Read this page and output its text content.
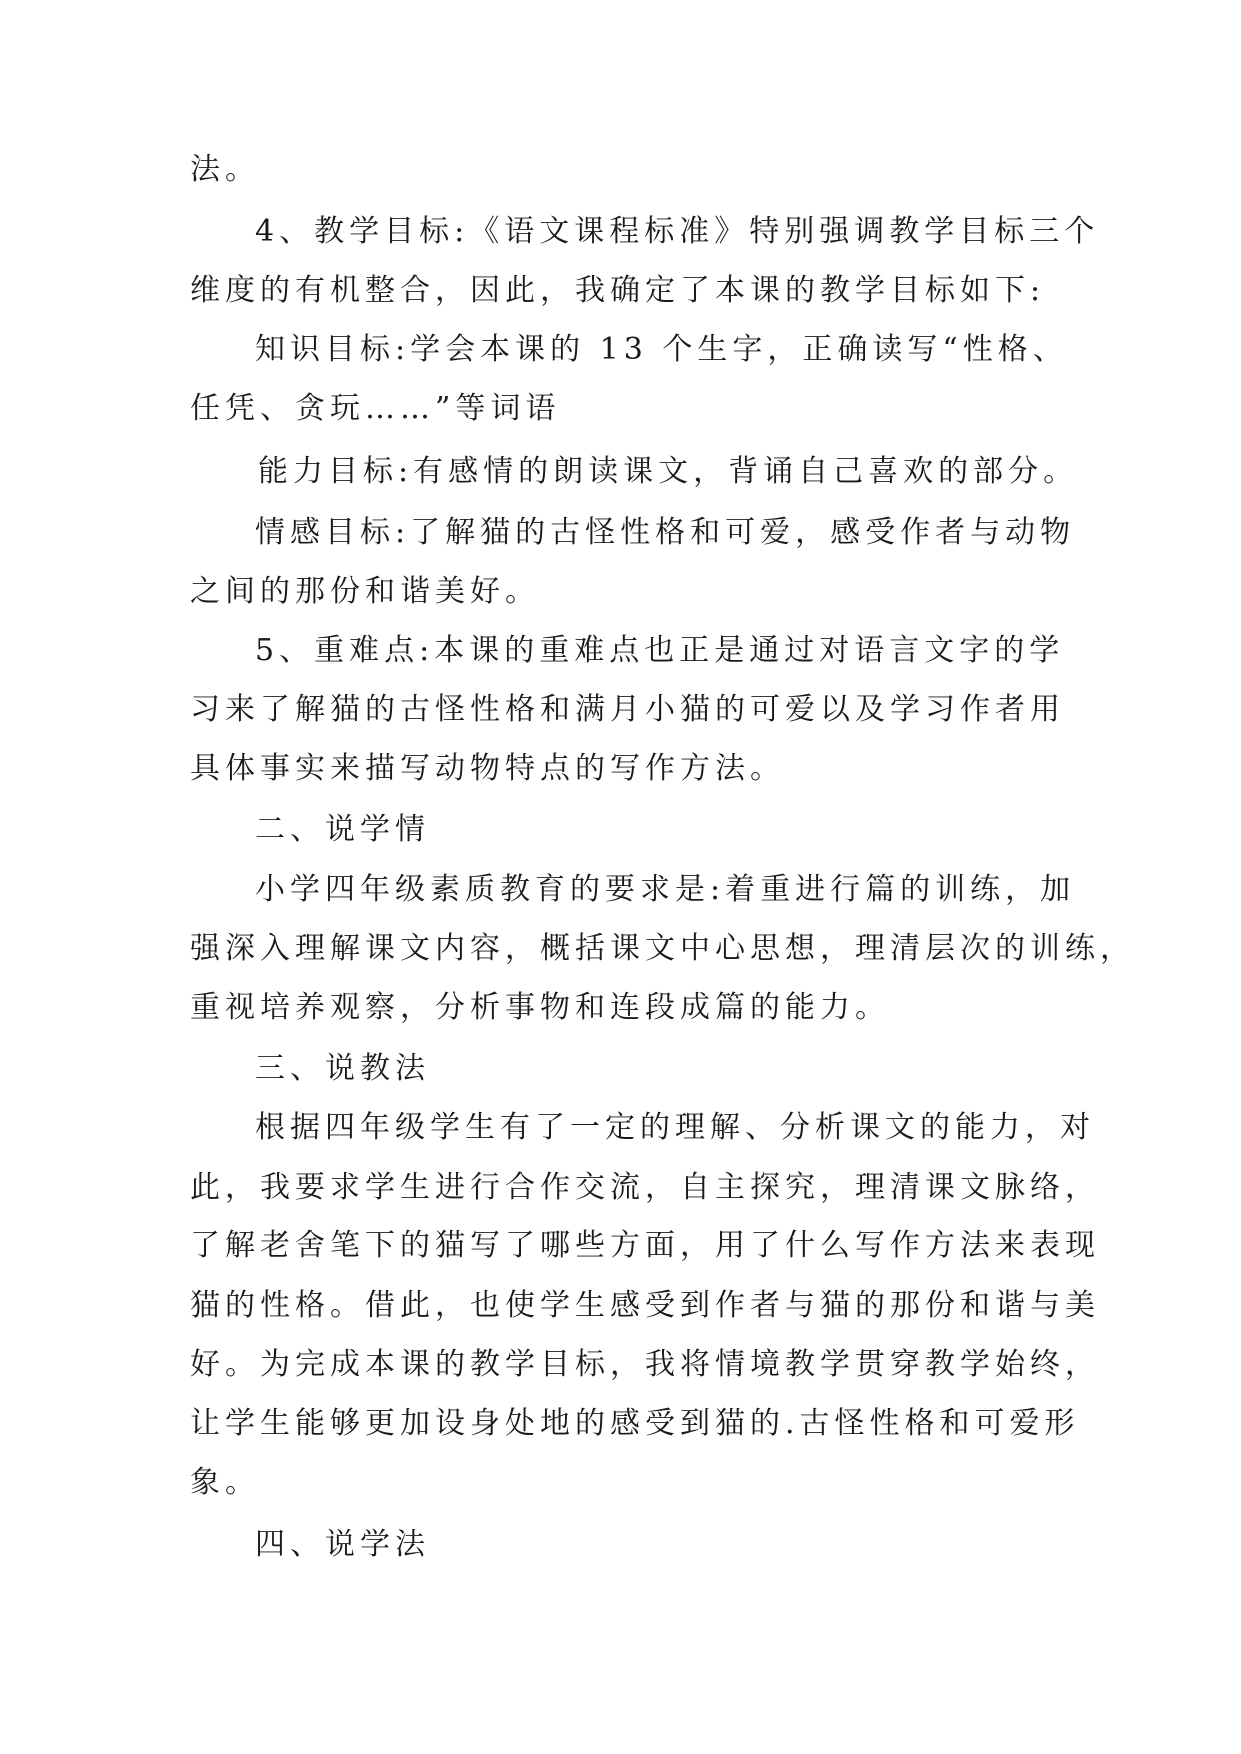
法。
4、教学目标:《语文课程标准》特别强调教学目标三个
维度的有机整合，因此，我确定了本课的教学目标如下:
知识目标:学会本课的 13 个生字，正确读写“性格、
任凭、贪玩……”等词语
能力目标:有感情的朗读课文，背诵自己喜欢的部分。
情感目标:了解猫的古怪性格和可爱，感受作者与动物
之间的那份和谐美好。
5、重难点:本课的重难点也正是通过对语言文字的学
习来了解猫的古怪性格和满月小猫的可爱以及学习作者用
具体事实来描写动物特点的写作方法。
二、说学情
小学四年级素质教育的要求是:着重进行篇的训练，加
强深入理解课文内容，概括课文中心思想，理清层次的训练，
重视培养观察，分析事物和连段成篇的能力。
三、说教法
根据四年级学生有了一定的理解、分析课文的能力，对
此，我要求学生进行合作交流，自主探究，理清课文脉络，
了解老舍笔下的猫写了哪些方面，用了什么写作方法来表现
猫的性格。借此，也使学生感受到作者与猫的那份和谐与美
好。为完成本课的教学目标，我将情境教学贯穿教学始终，
让学生能够更加设身处地的感受到猫的.古怪性格和可爱形
象。
四、说学法
